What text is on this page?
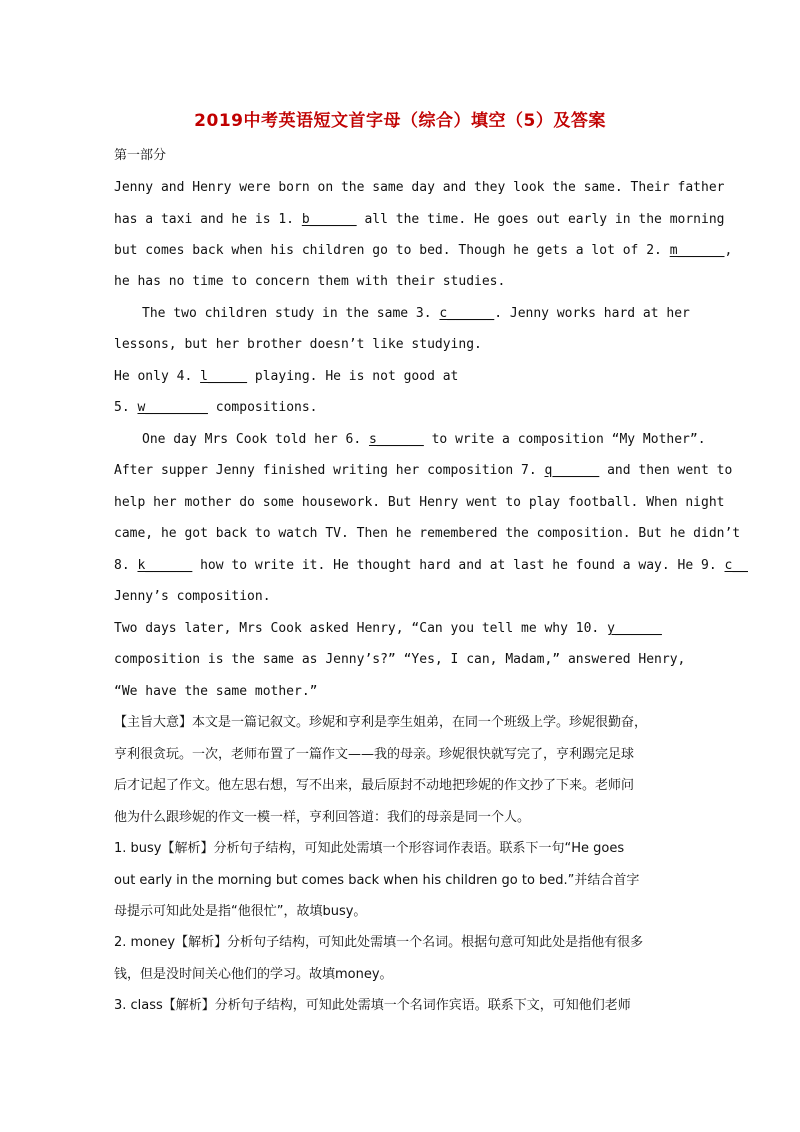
2019中考英语短文首字母（综合）填空（5）及答案
第一部分
Jenny and Henry were born on the same day and they look the same. Their father
has a taxi and he is 1. b______ all the time. He goes out early in the morning
but comes back when his children go to bed. Though he gets a lot of 2. m______,
he has no time to concern them with their studies.
The two children study in the same 3. c______. Jenny works hard at her
lessons, but her brother doesn’t like studying.
He only 4. l_____ playing. He is not good at
5. w________ compositions.
One day Mrs Cook told her 6. s______ to write a composition “My Mother”.
After supper Jenny finished writing her composition 7. q______ and then went to
help her mother do some housework. But Henry went to play football. When night
came, he got back to watch TV. Then he remembered the composition. But he didn’t
8. k______ how to write it. He thought hard and at last he found a way. He 9. c__
Jenny’s composition.
Two days later, Mrs Cook asked Henry, “Can you tell me why 10. y______
composition is the same as Jenny’s?” “Yes, I can, Madam,” answered Henry,
“We have the same mother.”
【主旨大意】本文是一篇记叙文。珍妮和亨利是孪生姐弟，在同一个班级上学。珍妮很勤奋，
亨利很贪玩。一次，老师布置了一篇作文——我的母亲。珍妮很快就写完了，亨利踢完足球
后才记起了作文。他左思右想，写不出来，最后原封不动地把珍妮的作文抄了下来。老师问
他为什么跟珍妮的作文一模一样，亨利回答道：我们的母亲是同一个人。
1. busy【解析】分析句子结构，可知此处需填一个形容词作表语。联系下一句“He goes
out early in the morning but comes back when his children go to bed.”并结合首字
母提示可知此处是指“他很忙”，故填busy。
2. money【解析】分析句子结构，可知此处需填一个名词。根据句意可知此处是指他有很多
钱，但是没时间关心他们的学习。故填money。
3. class【解析】分析句子结构，可知此处需填一个名词作宾语。联系下文，可知他们老师
